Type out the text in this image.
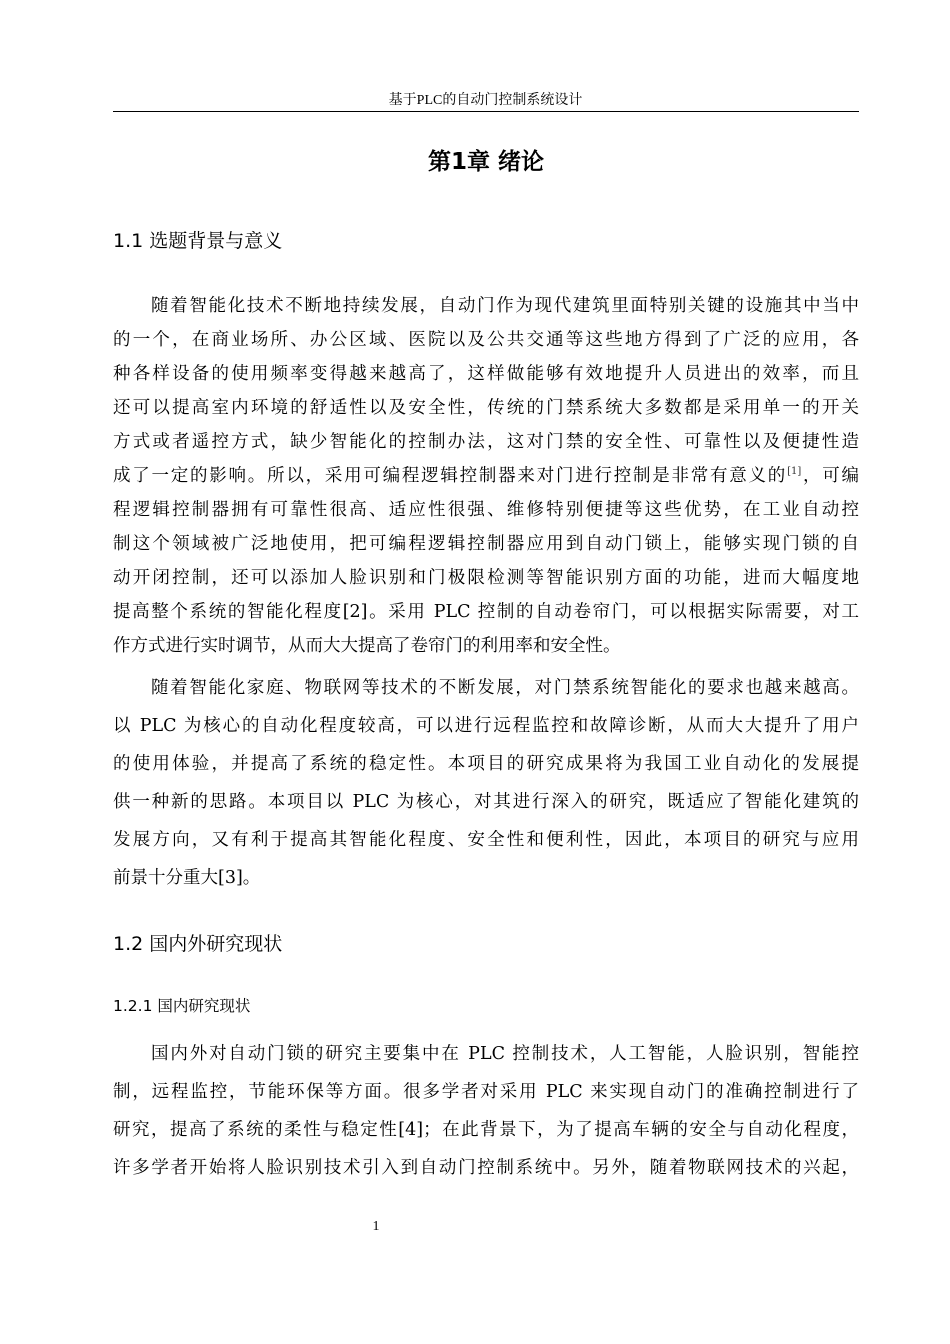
基于PLC的自动门控制系统设计
第1章 绪论
1.1 选题背景与意义
随着智能化技术不断地持续发展，自动门作为现代建筑里面特别关键的设施其中当中
的一个，在商业场所、办公区域、医院以及公共交通等这些地方得到了广泛的应用，各
种各样设备的使用频率变得越来越高了，这样做能够有效地提升人员进出的效率，而且
还可以提高室内环境的舒适性以及安全性，传统的门禁系统大多数都是采用单一的开关
方式或者遥控方式，缺少智能化的控制办法，这对门禁的安全性、可靠性以及便捷性造
成了一定的影响。所以，采用可编程逻辑控制器来对门进行控制是非常有意义的[1]，可编
程逻辑控制器拥有可靠性很高、适应性很强、维修特别便捷等这些优势，在工业自动控
制这个领域被广泛地使用，把可编程逻辑控制器应用到自动门锁上，能够实现门锁的自
动开闭控制，还可以添加人脸识别和门极限检测等智能识别方面的功能，进而大幅度地
提高整个系统的智能化程度[2]。采用 PLC 控制的自动卷帘门，可以根据实际需要，对工
作方式进行实时调节，从而大大提高了卷帘门的利用率和安全性。
随着智能化家庭、物联网等技术的不断发展，对门禁系统智能化的要求也越来越高。
以 PLC 为核心的自动化程度较高，可以进行远程监控和故障诊断，从而大大提升了用户
的使用体验，并提高了系统的稳定性。本项目的研究成果将为我国工业自动化的发展提
供一种新的思路。本项目以 PLC 为核心，对其进行深入的研究，既适应了智能化建筑的
发展方向，又有利于提高其智能化程度、安全性和便利性，因此，本项目的研究与应用
前景十分重大[3]。
1.2 国内外研究现状
1.2.1 国内研究现状
国内外对自动门锁的研究主要集中在 PLC 控制技术，人工智能，人脸识别，智能控
制，远程监控，节能环保等方面。很多学者对采用 PLC 来实现自动门的准确控制进行了
研究，提高了系统的柔性与稳定性[4]；在此背景下，为了提高车辆的安全与自动化程度，
许多学者开始将人脸识别技术引入到自动门控制系统中。另外，随着物联网技术的兴起，
1
